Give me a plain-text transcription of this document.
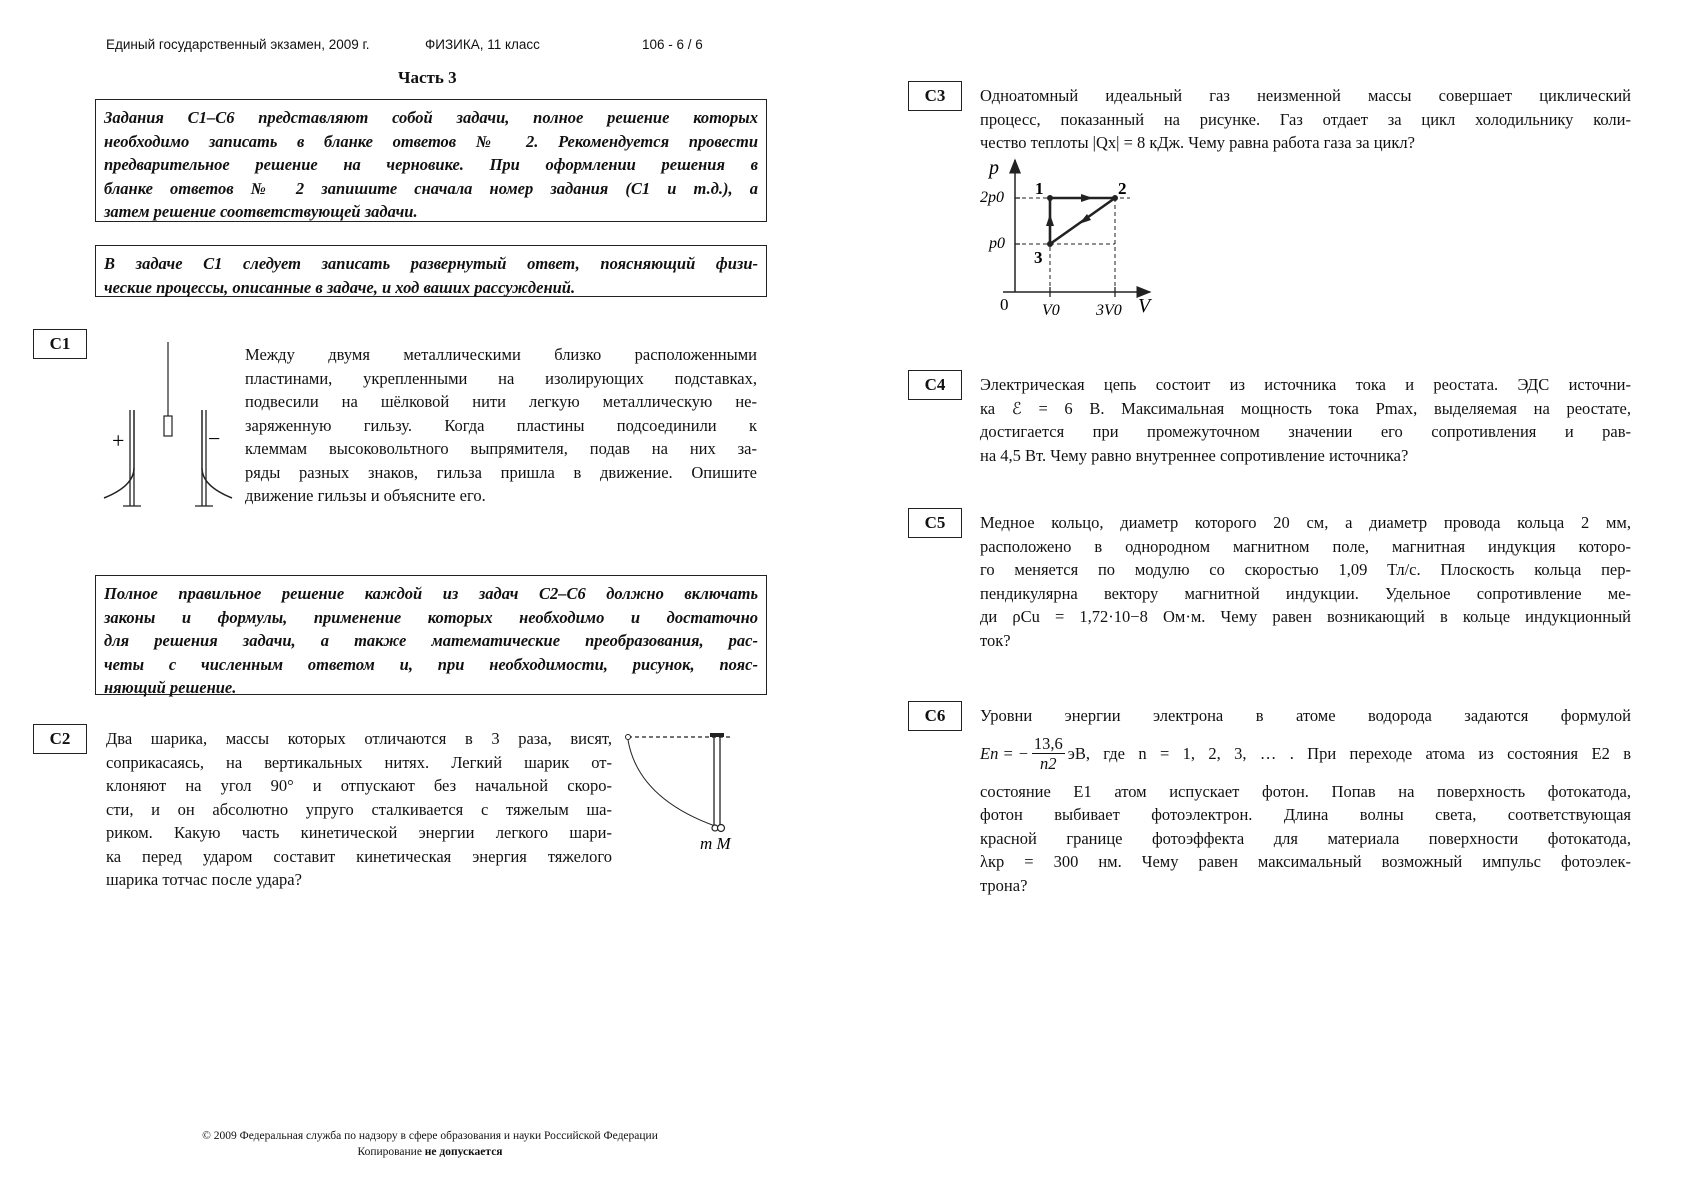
Единый государственный экзамен, 2009 г.	ФИЗИКА, 11 класс	106 - 6 / 6
Часть 3
Задания С1–С6 представляют собой задачи, полное решение которых
необходимо записать в бланке ответов № 2. Рекомендуется провести
предварительное решение на черновике. При оформлении решения в
бланке ответов № 2 запишите сначала номер задания (С1 и т.д.), а
затем решение соответствующей задачи.
В задаче С1 следует записать развернутый ответ, поясняющий физи-
ческие процессы, описанные в задаче, и ход ваших рассуждений.
Полное правильное решение каждой из задач С2–С6 должно включать
законы и формулы, применение которых необходимо и достаточно
для решения задачи, а также математические преобразования, рас-
четы с численным ответом и, при необходимости, рисунок, пояс-
няющий решение.
С1
+	−
Между двумя металлическими близко расположенными
пластинами, укрепленными на изолирующих подставках,
подвесили на шёлковой нити легкую металлическую не-
заряженную гильзу. Когда пластины подсоединили к
клеммам высоковольтного выпрямителя, подав на них за-
ряды разных знаков, гильза пришла в движение. Опишите
движение гильзы и объясните его.
С2	Два шарика, массы которых отличаются в 3 раза, висят,
соприкасаясь, на вертикальных нитях. Легкий шарик от-
клоняют на угол 90° и отпускают без начальной скоро-
сти, и он абсолютно упруго сталкивается с тяжелым ша-
риком. Какую часть кинетической энергии легкого шари-
ка перед ударом составит кинетическая энергия тяжелого
шарика тотчас после удара?
m M
С3	Одноатомный идеальный газ неизменной массы совершает циклический
процесс, показанный на рисунке. Газ отдает за цикл холодильнику коли-
чество теплоты |Qх| = 8 кДж. Чему равна работа газа за цикл?
p
V
0
2p0
p0
V0 3V0
1	2
3
С4	Электрическая цепь состоит из источника тока и реостата. ЭДС источни-
ка ℰ = 6 В. Максимальная мощность тока Pmax, выделяемая на реостате,
достигается при промежуточном значении его сопротивления и рав-
на 4,5 Вт. Чему равно внутреннее сопротивление источника?
С5	Медное кольцо, диаметр которого 20 см, а диаметр провода кольца 2 мм,
расположено в однородном магнитном поле, магнитная индукция которо-
го меняется по модулю со скоростью 1,09 Тл/с. Плоскость кольца пер-
пендикулярна вектору магнитной индукции. Удельное сопротивление ме-
ди ρCu = 1,72·10−8 Ом·м. Чему равен возникающий в кольце индукционный
ток?
С6	Уровни энергии электрона в атоме водорода задаются формулой
En = − $\frac{13,6}{n2}$ эВ, где n = 1, 2, 3, … . При переходе атома из состояния E2 в
состояние E1 атом испускает фотон. Попав на поверхность фотокатода,
фотон выбивает фотоэлектрон. Длина волны света, соответствующая
красной границе фотоэффекта для материала поверхности фотокатода,
λкр = 300 нм. Чему равен максимальный возможный импульс фотоэлек-
трона?
© 2009 Федеральная служба по надзору в сфере образования и науки Российской Федерации
Копирование не допускается
